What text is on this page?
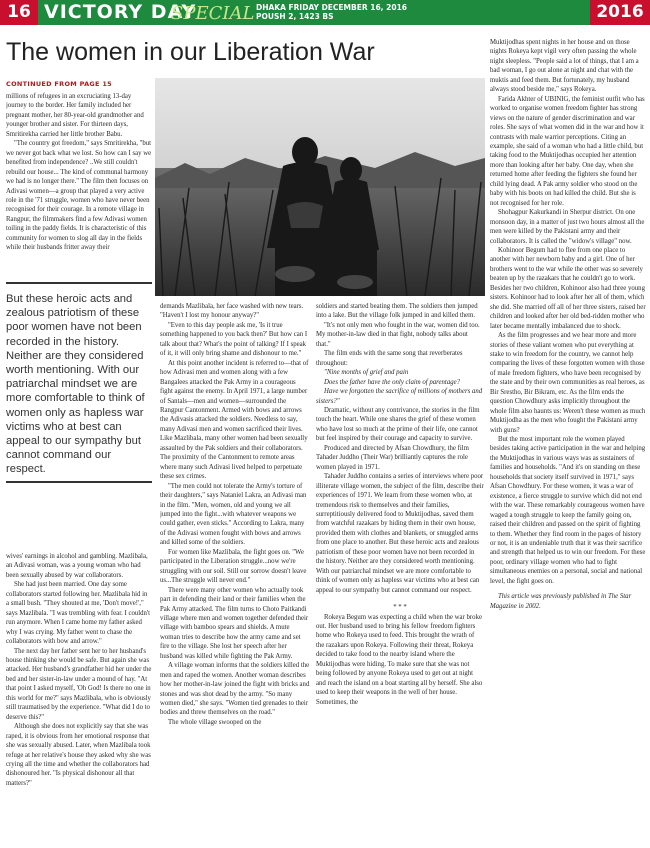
16 VICTORY DAY
SPECIAL DHAKA FRIDAY DECEMBER 16, 2016
POUSH 2, 1423 BS	2016
The women in our Liberation War
CONTINUED FROM PAGE 15

millions of refugees in an excruciating 13-day journey to the border. Her family included her pregnant mother, her 80-year-old grandmother and younger brother and sister. For thirteen days, Smritirekha carried her little brother Babu.

"The country got freedom," says Smritirekha, "but we never got back what we lost. So how can I say we benefited from independence? ..We still couldn't rebuild our house... The kind of communal harmony we had is no longer there." The film then focuses on Adivasi women—a group that played a very active role in the '71 struggle, women who have never been recognised for their courage. In a remote village in Rangpur, the filmmakers find a few Adivasi women toiling in the paddy fields. It is characteristic of this community for women to slog all day in the fields while their husbands fritter away their

But these heroic acts and zealous patriotism of these poor women have not been recorded in the history. Neither are they considered worth mentioning. With our patriarchal mindset we are more comfortable to think of women only as hapless war victims who at best can appeal to our sympathy but cannot command our respect.

wives' earnings in alcohol and gambling. Mazlibala, an Adivasi woman, was a young woman who had been sexually abused by war collaborators.

She had just been married. One day some collaborators started following her. Mazlibala hid in a small bush. "They shouted at me, 'Don't move!'," says Mazlibala. "I was trembling with fear. I couldn't run anymore. When I came home my father asked why I was crying. My father went to chase the collaborators with bow and arrow."

The next day her father sent her to her husband's house thinking she would be safe. But again she was attacked. Her husband's grandfather hid her under the bed and her sister-in-law under a mound of hay. "At that point I asked myself, 'Oh God! Is there no one in this world for me?" says Mazlibala, who is obviously still traumatised by the experience. "What did I do to deserve this?"

Although she does not explicitly say that she was raped, it is obvious from her emotional response that she was sexually abused. Later, when Mazlibala took refuge at her relative's house they asked why she was crying all the time and whether the collaborators had dishonoured her. "Is physical dishonour all that matters?"

demands Mazlibala, her face washed with new tears. "Haven't I lost my honour anyway?"

"Even to this day people ask me, 'Is it true something happened to you back then?' But how can I talk about that? What's the point of talking? If I speak of it, it will only bring shame and dishonour to me."

At this point another incident is referred to—that of how Adivasi men and women along with a few Bangalees attacked the Pak Army in a courageous fight against the enemy. In April 1971, a large number of Santals—men and women—surrounded the Rangpur Cantonment. Armed with bows and arrows the Adivasis attacked the soldiers. Needless to say, many Adivasi men and women sacrificed their lives. Like Mazlibala, many other women had been sexually assaulted by the Pak soldiers and their collaborators. The proximity of the Cantonment to remote areas where many such Adivasi lived helped to perpetuate these sex crimes.

"The men could not tolerate the Army's torture of their daughters," says Nataniel Lakra, an Adivasi man in the film. "Men, women, old and young we all jumped into the fight...with whatever weapons we could gather, even sticks." According to Lakra, many of the Adivasi women fought with bows and arrows and killed some of the soldiers.

For women like Mazlibala, the fight goes on. "We participated in the Liberation struggle...now we're struggling with our soil. Still our sorrow doesn't leave us...The struggle will never end."

There were many other women who actually took part in defending their land or their families when the Pak Army attacked. The film turns to Choto Paitkandi village where men and women together defended their village with bamboo spears and shields. A mute woman tries to describe how the army came and set fire to the village. She lost her speech after her husband was killed while fighting the Pak Army.

A village woman informs that the soldiers killed the men and raped the women. Another woman describes how her mother-in-law joined the fight with bricks and stones and was shot dead by the army. "So many women died," she says. "Women tied grenades to their bodies and threw themselves on the road."

The whole village swooped on the

soldiers and started beating them. The soldiers then jumped into a lake. But the village folk jumped in and killed them.

"It's not only men who fought in the war, women did too. My mother-in-law died in that fight, nobody talks about that."

The film ends with the same song that reverberates throughout:

"Nine months of grief and pain

Does the father have the only claim of parentage?

Have we forgotten the sacrifice of millions of mothers and sisters?"

Dramatic, without any contrivance, the stories in the film touch the heart. While one shares the grief of these women who have lost so much at the prime of their life, one cannot but feel inspired by their courage and capacity to survive.

Produced and directed by Afsan Chowdhury, the film Tahader Juddho (Their War) brilliantly captures the role women played in 1971.

Tahader Juddho contains a series of interviews where poor illiterate village women, the subject of the film, describe their experiences of 1971. We learn from these women who, at tremendous risk to themselves and their families, surreptitiously delivered food to Muktijodhas, saved them from watchful razakars by hiding them in their own house, provided them with clothes and blankets, or smuggled arms from one place to another. But these heroic acts and zealous patriotism of these poor women have not been recorded in the history. Neither are they considered worth mentioning. With our patriarchal mindset we are more comfortable to think of women only as hapless war victims who at best can appeal to our sympathy but cannot command our respect.

* * *

Rokeya Begum was expecting a child when the war broke out. Her husband used to bring his fellow freedom fighters home who Rokeya used to feed. This brought the wrath of the razakars upon Rokeya. Following their threat, Rokeya decided to take food to the nearby island where the Muktijodhas were hiding. To make sure that she was not being followed by anyone Rokeya used to get out at night and reach the island on a boat starting all by herself. She also used to keep their weapons in the well of her house. Sometimes, the

Muktijodhas spent nights in her house and on those nights Rokeya kept vigil very often passing the whole night sleepless. "People said a lot of things, that I am a bad woman, I go out alone at night and chat with the muktis and feed them. But fortunately, my husband always stood beside me," says Rokeya.

Farida Akhter of UBINIG, the feminist outfit who has worked to organise women freedom fighter has strong views on the nature of gender discrimination and war roles. She says of what women did in the war and how it contrasts with male warrior perceptions. Citing an example, she said of a woman who had a little child, but taking food to the Muktijodhas occupied her attention more than looking after her baby. One day, when she returned home after feeding the fighters she found her child lying dead. A Pak army soldier who stood on the baby with his boots on had killed the child. But she is not recognised for her role.

Shohagpur Kakurkandi in Sherpur district. On one monsoon day, in a matter of just two hours almost all the men were killed by the Pakistani army and their collaborators. It is called the "widow's village" now.

Kohinoor Begum had to flee from one place to another with her newborn baby and a girl. One of her brothers went to the war while the other was so severely beaten up by the razakars that he couldn't go to work. Besides her two children, Kohinoor also had three young sisters. Kohinoor had to look after her all of them, which she did. She married off all of her three sisters, raised her children and looked after her old bed-ridden mother who later became mentally imbalanced due to shock.

As the film progresses and we hear more and more stories of these valiant women who put everything at stake to win freedom for the country, we cannot help comparing the lives of these forgotten women with those of male freedom fighters, who have been recognised by the state and by their own communities as real heroes, as Bir Srestho, Bir Bikram, etc. As the film ends the question Chowdhury asks implicitly throughout the whole film also haunts us: Weren't these women as much Muktijodha as the men who fought the Pakistani army with guns?

But the most important role the women played besides taking active participation in the war and helping the Muktijodhas in various ways was as sustainers of families and households. "And it's on standing on these households that society itself survived in 1971," says Afsan Chowdhury. For these women, it was a war of existence, a fierce struggle to survive which did not end with the war. These remarkably courageous women have waged a tough struggle to keep the family going on, raised their children and passed on the spirit of fighting to them. Whether they find room in the pages of history or not, it is an undeniable truth that it was their sacrifice and strength that helped us to win our freedom. For these poor, ordinary village women who had to fight simultaneous enemies on a personal, social and national level, the fight goes on.

This article was previously published in The Star Magazine in 2002.
